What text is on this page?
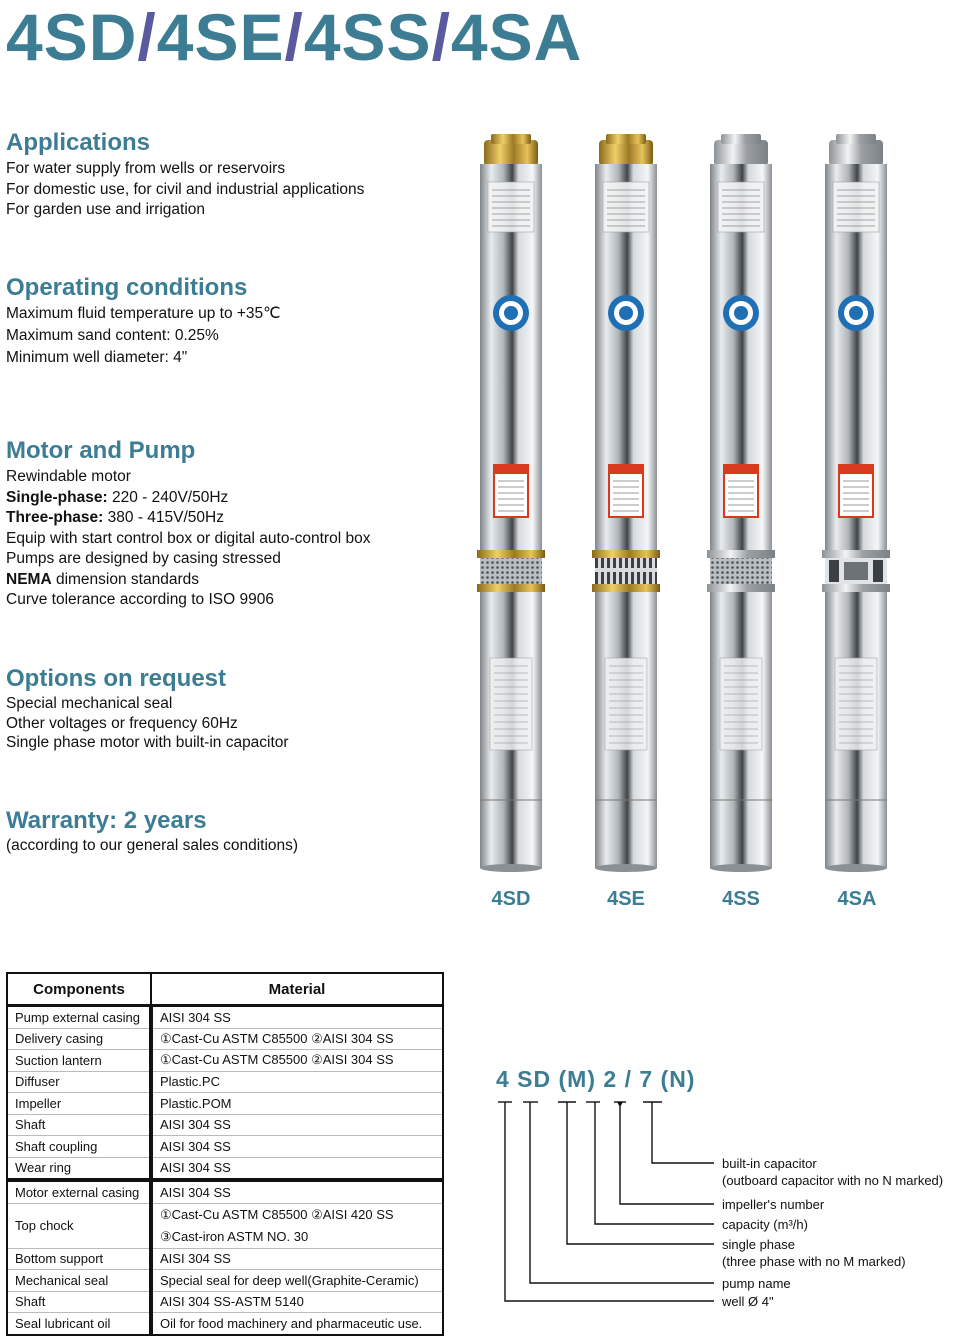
4SD/4SE/4SS/4SA
Applications
For water supply from wells or reservoirs
For domestic use, for civil and industrial applications
For garden use and irrigation
Operating conditions
Maximum fluid temperature up to +35℃
Maximum sand content: 0.25%
Minimum well diameter: 4"
Motor and Pump
Rewindable motor
Single-phase: 220 - 240V/50Hz
Three-phase: 380 - 415V/50Hz
Equip with start control box or digital auto-control box
Pumps are designed by casing stressed
NEMA dimension standards
Curve tolerance according to ISO 9906
Options on request
Special mechanical seal
Other voltages or frequency 60Hz
Single phase motor with built-in capacitor
Warranty: 2 years
(according to our general sales conditions)
4SD	4SE	4SS	4SA
Components	Material
Pump external casing	AISI 304 SS
Delivery casing	①Cast-Cu ASTM C85500 ②AISI 304 SS
Suction lantern	①Cast-Cu ASTM C85500 ②AISI 304 SS
Diffuser	Plastic.PC
Impeller	Plastic.POM
Shaft	AISI 304 SS
Shaft coupling	AISI 304 SS
Wear ring	AISI 304 SS
Motor external casing	AISI 304 SS
Top chock	①Cast-Cu ASTM C85500 ②AISI 420 SS
③Cast-iron ASTM NO. 30

Bottom support	AISI 304 SS
Mechanical seal	Special seal for deep well(Graphite-Ceramic)
Shaft	AISI 304 SS-ASTM 5140
Seal lubricant oil	Oil for food machinery and pharmaceutic use.
4 SD (M) 2 / 7 (N)
built-in capacitor
(outboard capacitor with no N marked)
impeller's number
capacity (m³/h)
single phase
(three phase with no M marked)
pump name
well Ø 4"
